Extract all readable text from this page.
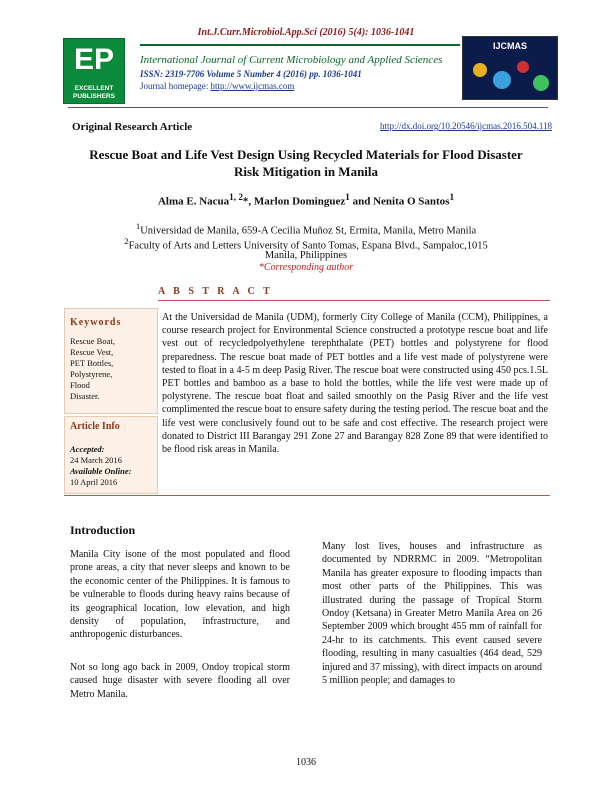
Int.J.Curr.Microbiol.App.Sci (2016) 5(4): 1036-1041
EP
EXCELLENT PUBLISHERS
International Journal of Current Microbiology and Applied Sciences
ISSN: 2319-7706 Volume 5 Number 4 (2016) pp. 1036-1041
Journal homepage: http://www.ijcmas.com
IJCMAS
Original Research Article	http://dx.doi.org/10.20546/ijcmas.2016.504.118
Rescue Boat and Life Vest Design Using Recycled Materials for Flood Disaster Risk Mitigation in Manila
Alma E. Nacua$^{1, 2}$*, Marlon Dominguez$^1$ and Nenita O Santos$^1$
$^1$Universidad de Manila, 659-A Cecilia Muñoz St, Ermita, Manila, Metro Manila
$^2$Faculty of Arts and Letters University of Santo Tomas, Espana Blvd., Sampaloc,1015
Manila, Philippines
*Corresponding author
A B S T R A C T
At the Universidad de Manila (UDM), formerly City College of Manila (CCM), Philippines, a course research project for Environmental Science constructed a prototype rescue boat and life vest out of recycledpolyethylene terephthalate (PET) bottles and polystyrene for flood preparedness. The rescue boat made of PET bottles and a life vest made of polystyrene were tested to float in a 4-5 m deep Pasig River. The rescue boat were constructed using 450 pcs.1.5L PET bottles and bamboo as a base to hold the bottles, while the life vest were made up of polystyrene. The rescue boat float and sailed smoothly on the Pasig River and the life vest complimented the rescue boat to ensure safety during the testing period. The rescue boat and the life vest were conclusively found out to be safe and cost effective. The research project were donated to District III Barangay 291 Zone 27 and Barangay 828 Zone 89 that were identified to be flood risk areas in Manila.
Keywords
Rescue Boat,
Rescue Vest,
PET Bottles,
Polystyrene,
Flood
Disaster.
Article Info
Accepted:
24 March 2016
Available Online:
10 April 2016
Introduction
Manila City isone of the most populated and flood prone areas, a city that never sleeps and known to be the economic center of the Philippines. It is famous to be vulnerable to floods during heavy rains because of its geographical location, low elevation, and high density of population, infrastructure, and anthropogenic disturbances.
Not so long ago back in 2009, Ondoy tropical storm caused huge disaster with severe flooding all over Metro Manila.
Many lost lives, houses and infrastructure as documented by NDRRMC in 2009. “Metropolitan Manila has greater exposure to flooding impacts than most other parts of the Philippines. This was illustrated during the passage of Tropical Storm Ondoy (Ketsana) in Greater Metro Manila Area on 26 September 2009 which brought 455 mm of rainfall for 24-hr to its catchments. This event caused severe flooding, resulting in many casualties (464 dead, 529 injured and 37 missing), with direct impacts on around 5 million people; and damages to
1036
